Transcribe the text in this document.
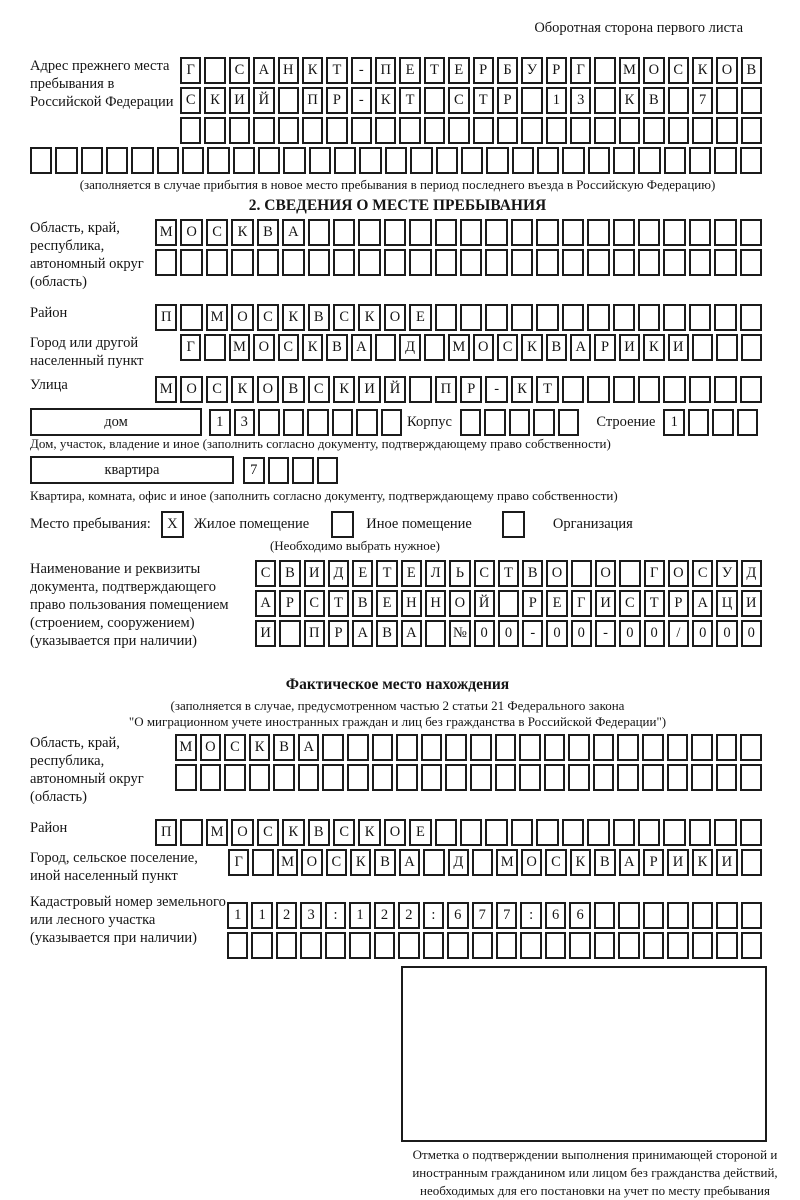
Оборотная сторона первого листа
Адрес прежнего места пребывания в Российской Федерации
Г	С А Н К	Т	-	П	Е	Т	Е	Р	Б	У	Р	Г	М О С	К О В
С	К И Й	П	Р	-	К	Т	С	Т	Р	1	3	К	В	7
(заполняется в случае прибытия в новое место пребывания в период последнего въезда в Российскую Федерацию)
2. СВЕДЕНИЯ О МЕСТЕ ПРЕБЫВАНИЯ
Область, край, республика, автономный округ (область)
М О	С	К	В	А
Район	П	М О	С	К	В	С	К	О	Е
Город или другой населенный пункт
Г	М О С	К	В А	Д	М О С	К	В А	Р	И К И
Улица	М О	С	К	О	В	С	К	И	Й	П	Р	-	К	Т
дом	1	3	Корпус	Строение	1
Дом, участок, владение и иное (заполнить согласно документу, подтверждающему право собственности)
квартира	7
Квартира, комната, офис и иное (заполнить согласно документу, подтверждающему право собственности)
Место пребывания:	X	Жилое помещение	Иное помещение	Организация
(Необходимо выбрать нужное)
Наименование и реквизиты документа, подтверждающего право пользования помещением (строением, сооружением) (указывается при наличии)
С	В И Д	Е	Т	Е	Л	Ь	С	Т	В О	О	Г	О С У Д
А	Р	С	Т	В	Е	Н Н О Й	Р	Е	Г	И С	Т	Р	А Ц И
И	П	Р	А В А	№ 0	0	-	0	0	-	0	0	/	0	0	0
Фактическое место нахождения
(заполняется в случае, предусмотренном частью 2 статьи 21 Федерального закона
"О миграционном учете иностранных граждан и лиц без гражданства в Российской Федерации")
Область, край, республика, автономный округ (область)
М О	С	К	В	А
Район	П	М О	С	К	В	С	К	О	Е
Город, сельское поселение, иной населенный пункт
Г	М О С	К	В А	Д	М О С	К	В А	Р	И К И
Кадастровый номер земельного или лесного участка (указывается при наличии)
1	1	2	3	:	1	2	2	:	6	7	7	:	6	6
Отметка о подтверждении выполнения принимающей стороной и иностранным гражданином или лицом без гражданства действий, необходимых для его постановки на учет по месту пребывания
